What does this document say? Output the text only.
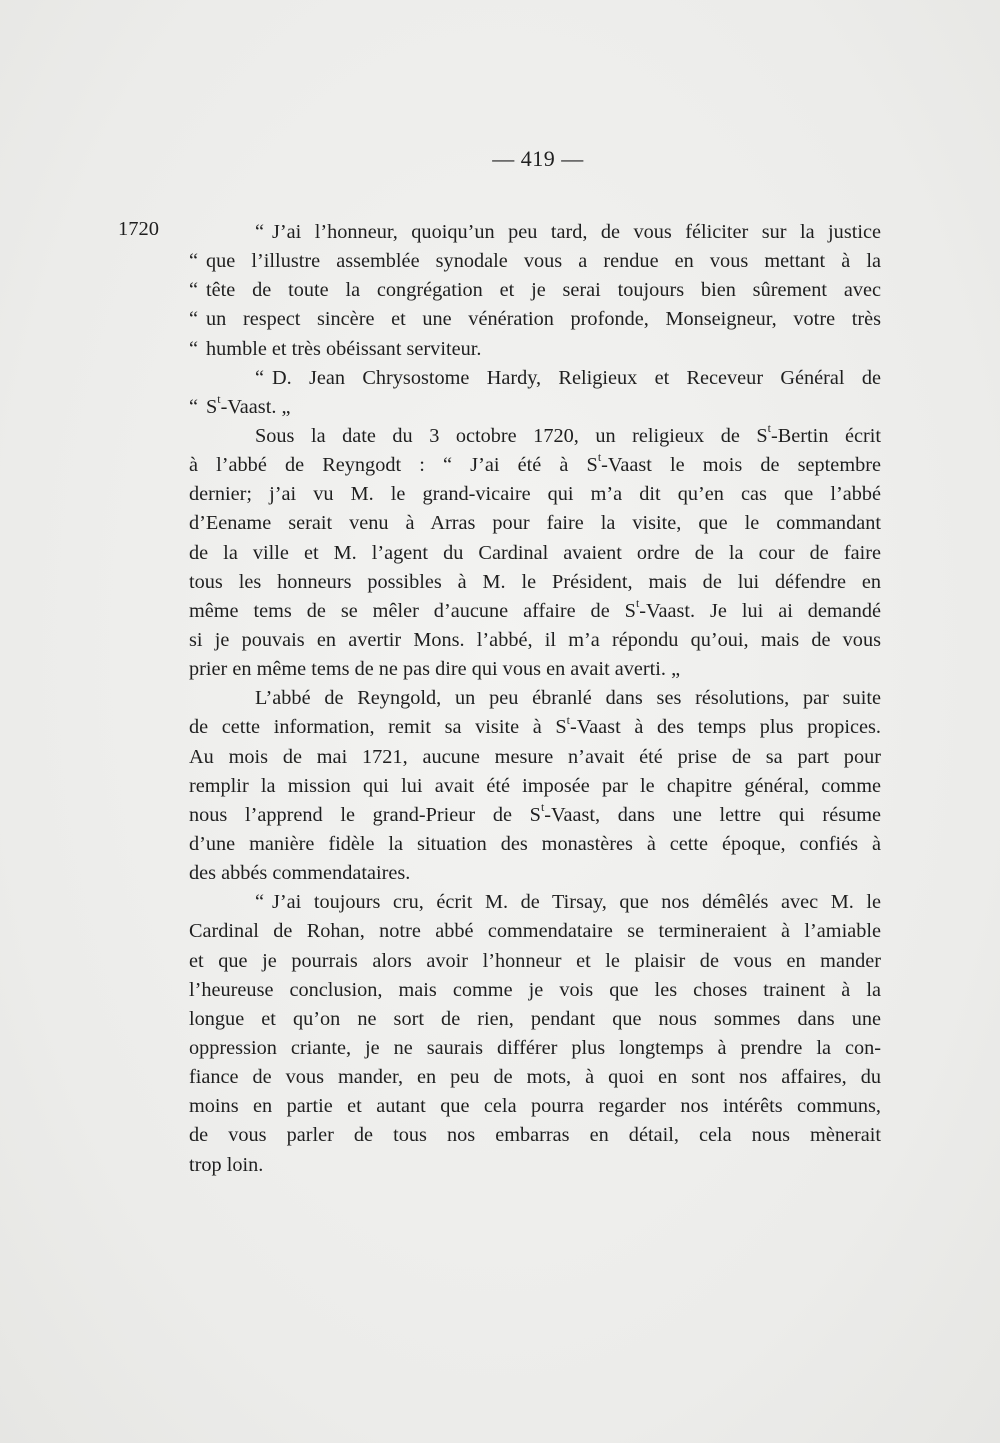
— 419 —
1720	“ J’ai l’honneur, quoiqu’un peu tard, de vous féliciter sur la justice
“ que l’illustre assemblée synodale vous a rendue en vous mettant à la
“ tête de toute la congrégation et je serai toujours bien sûrement avec
“ un respect sincère et une vénération profonde, Monseigneur, votre très
“ humble et très obéissant serviteur.
“ D. Jean Chrysostome Hardy, Religieux et Receveur Général de
“ $S^t$-Vaast. „
Sous la date du 3 octobre 1720, un religieux de $S^t$-Bertin écrit
à l’abbé de Reyngodt : “ J’ai été à $S^t$-Vaast le mois de septembre
dernier; j’ai vu M. le grand-vicaire qui m’a dit qu’en cas que l’abbé
d’Eename serait venu à Arras pour faire la visite, que le commandant
de la ville et M. l’agent du Cardinal avaient ordre de la cour de faire
tous les honneurs possibles à M. le Président, mais de lui défendre en
même tems de se mêler d’aucune affaire de $S^t$-Vaast. Je lui ai demandé
si je pouvais en avertir Mons. l’abbé, il m’a répondu qu’oui, mais de vous
prier en même tems de ne pas dire qui vous en avait averti. „
L’abbé de Reyngold, un peu ébranlé dans ses résolutions, par suite
de cette information, remit sa visite à $S^t$-Vaast à des temps plus propices.
Au mois de mai 1721, aucune mesure n’avait été prise de sa part pour
remplir la mission qui lui avait été imposée par le chapitre général, comme
nous l’apprend le grand-Prieur de $S^t$-Vaast, dans une lettre qui résume
d’une manière fidèle la situation des monastères à cette époque, confiés à
des abbés commendataires.
“ J’ai toujours cru, écrit M. de Tirsay, que nos démêlés avec M. le
Cardinal de Rohan, notre abbé commendataire se termineraient à l’amiable
et que je pourrais alors avoir l’honneur et le plaisir de vous en mander
l’heureuse conclusion, mais comme je vois que les choses trainent à la
longue et qu’on ne sort de rien, pendant que nous sommes dans une
oppression criante, je ne saurais différer plus longtemps à prendre la con-
fiance de vous mander, en peu de mots, à quoi en sont nos affaires, du
moins en partie et autant que cela pourra regarder nos intérêts communs,
de vous parler de tous nos embarras en détail, cela nous mènerait
trop loin.
